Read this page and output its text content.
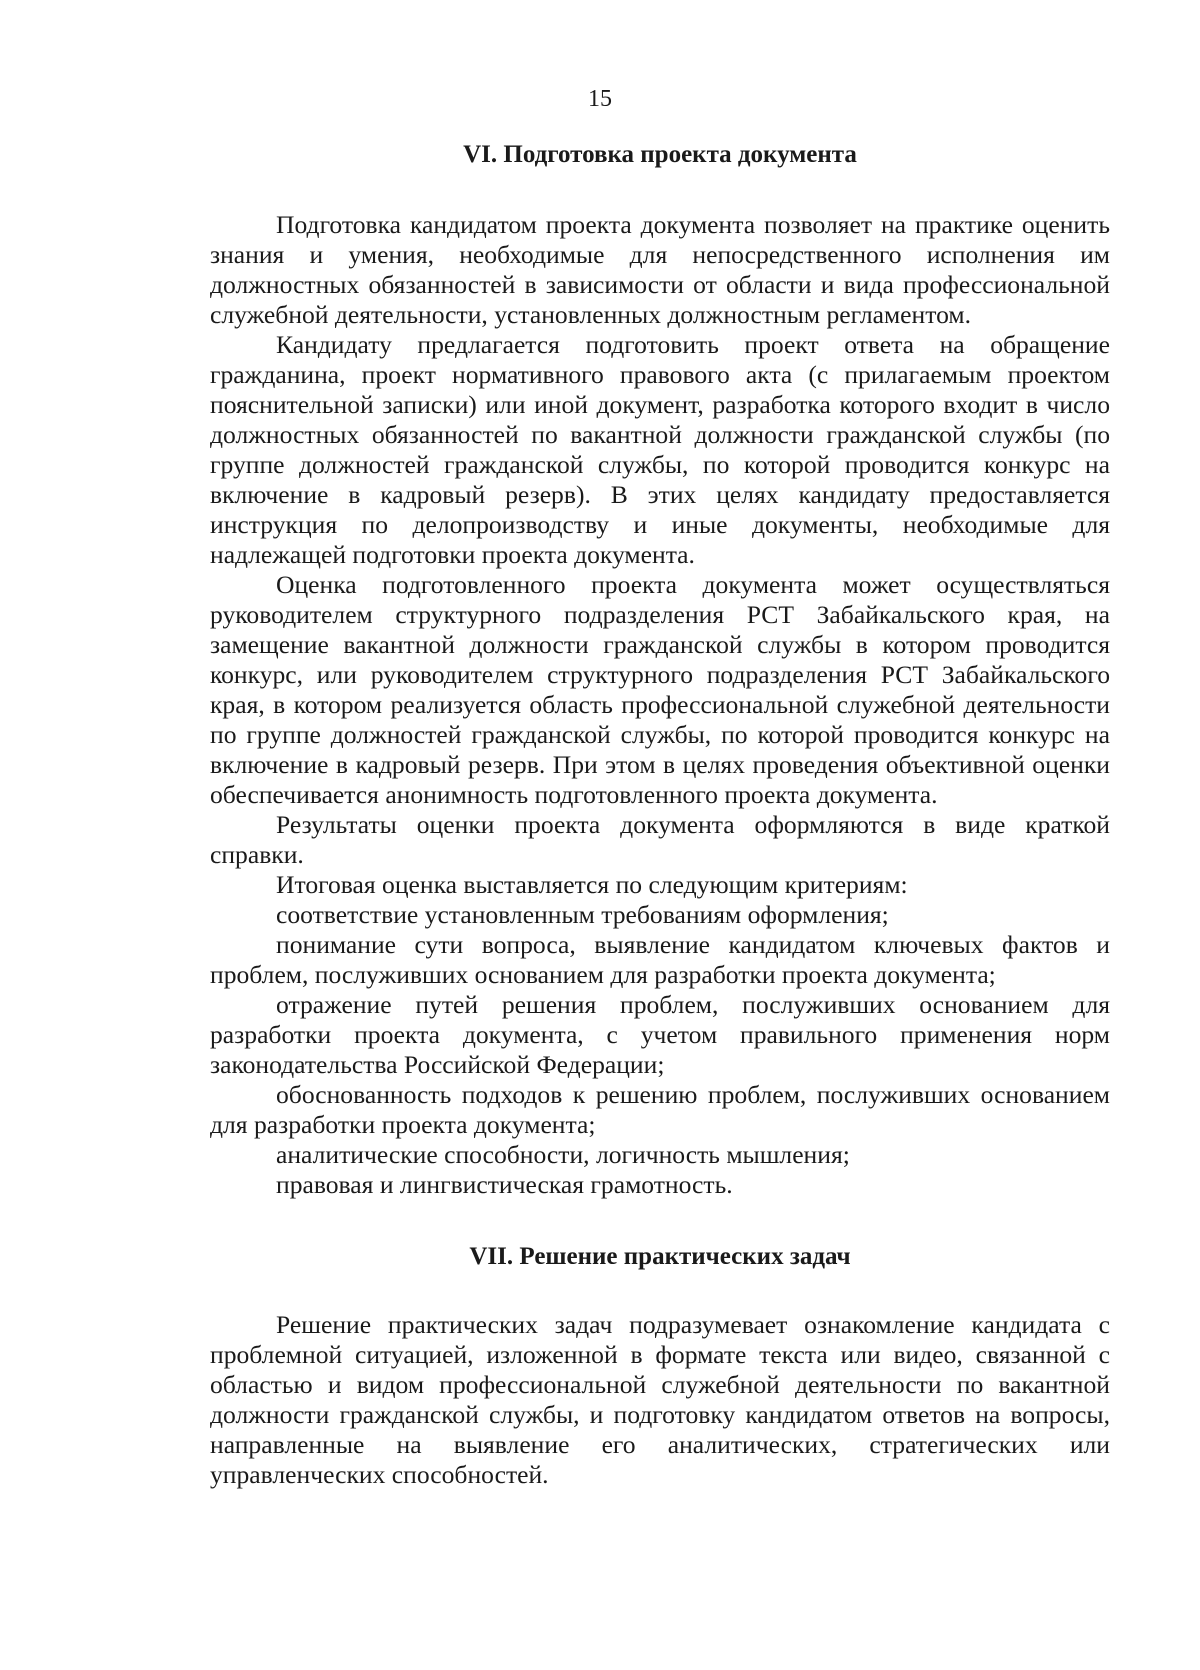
15
VI. Подготовка проекта документа

Подготовка кандидатом проекта документа позволяет на практике оценить знания и умения, необходимые для непосредственного исполнения им должностных обязанностей в зависимости от области и вида профессиональной служебной деятельности, установленных должностным регламентом.

Кандидату предлагается подготовить проект ответа на обращение гражданина, проект нормативного правового акта (с прилагаемым проектом пояснительной записки) или иной документ, разработка которого входит в число должностных обязанностей по вакантной должности гражданской службы (по группе должностей гражданской службы, по которой проводится конкурс на включение в кадровый резерв). В этих целях кандидату предоставляется инструкция по делопроизводству и иные документы, необходимые для надлежащей подготовки проекта документа.

Оценка подготовленного проекта документа может осуществляться руководителем структурного подразделения РСТ Забайкальского края, на замещение вакантной должности гражданской службы в котором проводится конкурс, или руководителем структурного подразделения РСТ Забайкальского края, в котором реализуется область профессиональной служебной деятельности по группе должностей гражданской службы, по которой проводится конкурс на включение в кадровый резерв. При этом в целях проведения объективной оценки обеспечивается анонимность подготовленного проекта документа.

Результаты оценки проекта документа оформляются в виде краткой справки.

Итоговая оценка выставляется по следующим критериям:

соответствие установленным требованиям оформления;

понимание сути вопроса, выявление кандидатом ключевых фактов и проблем, послуживших основанием для разработки проекта документа;

отражение путей решения проблем, послуживших основанием для разработки проекта документа, с учетом правильного применения норм законодательства Российской Федерации;

обоснованность подходов к решению проблем, послуживших основанием для разработки проекта документа;

аналитические способности, логичность мышления;

правовая и лингвистическая грамотность.

VII. Решение практических задач

Решение практических задач подразумевает ознакомление кандидата с проблемной ситуацией, изложенной в формате текста или видео, связанной с областью и видом профессиональной служебной деятельности по вакантной должности гражданской службы, и подготовку кандидатом ответов на вопросы, направленные на выявление его аналитических, стратегических или управленческих способностей.
